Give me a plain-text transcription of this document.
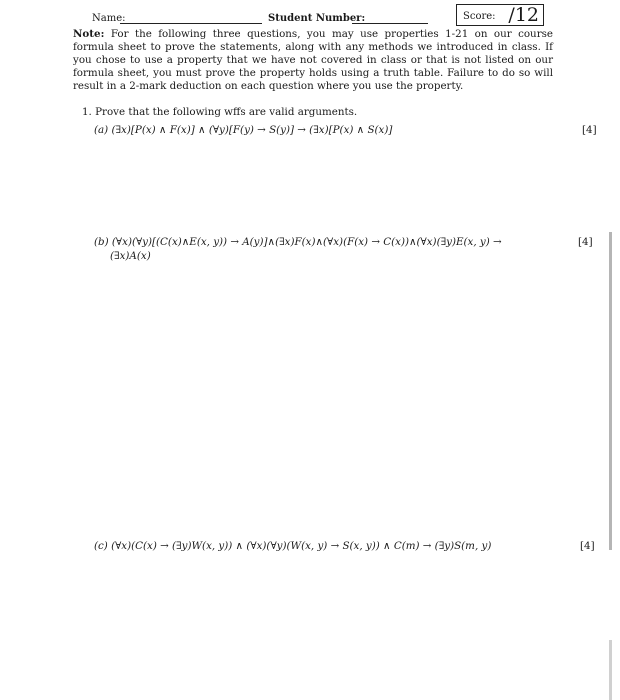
Name:	Student Number:	Score: /12
Note: For the following three questions, you may use properties 1-21 on our course formula sheet to prove the statements, along with any methods we introduced in class. If you chose to use a property that we have not covered in class or that is not listed on our formula sheet, you must prove the property holds using a truth table. Failure to do so will result in a 2-mark deduction on each question where you use the property.
1. Prove that the following wffs are valid arguments.
(a) (∃x)[P(x) ∧ F(x)] ∧ (∀y)[F(y) → S(y)] → (∃x)[P(x) ∧ S(x)]	[4]
(b) (∀x)(∀y)[(C(x)∧E(x, y)) → A(y)]∧(∃x)F(x)∧(∀x)(F(x) → C(x))∧(∀x)(∃y)E(x, y) →
(∃x)A(x)
[4]
(c) (∀x)(C(x) → (∃y)W(x, y)) ∧ (∀x)(∀y)(W(x, y) → S(x, y)) ∧ C(m) → (∃y)S(m, y)	[4]
